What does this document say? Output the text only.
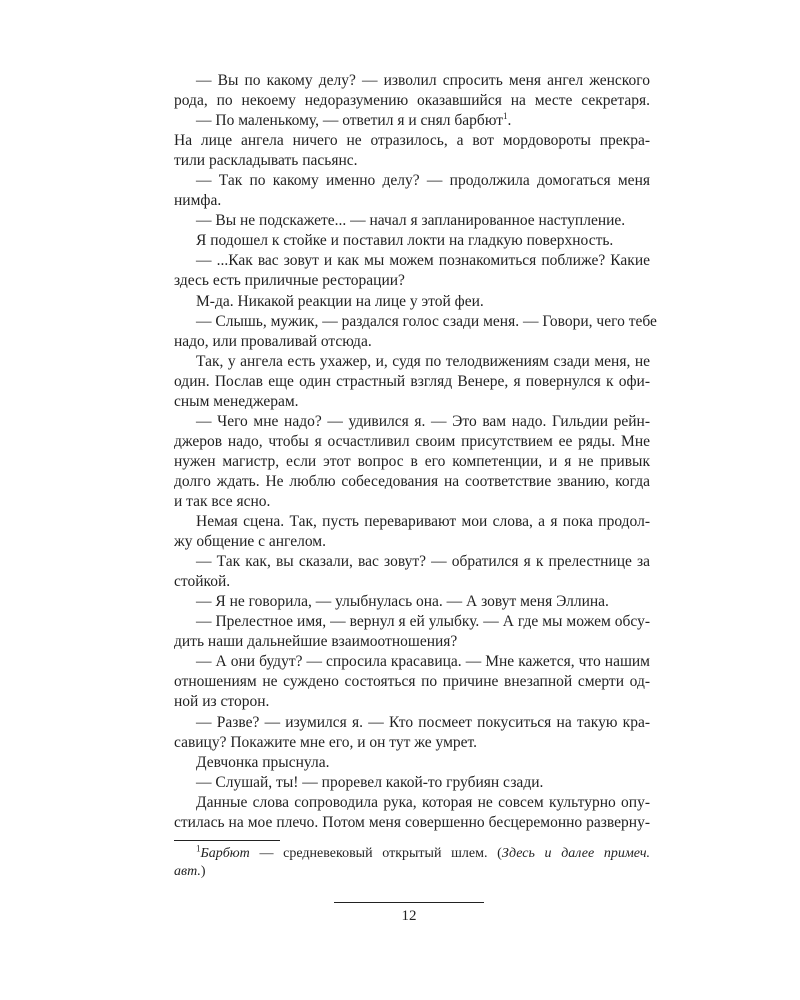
— Вы по какому делу? — изволил спросить меня ангел женского
рода, по некоему недоразумению оказавшийся на месте секретаря.
— По маленькому, — ответил я и снял барбют$^1$.
На лице ангела ничего не отразилось, а вот мордовороты прекра-
тили раскладывать пасьянс.
— Так по какому именно делу? — продолжила домогаться меня
нимфа.
— Вы не подскажете... — начал я запланированное наступление.
Я подошел к стойке и поставил локти на гладкую поверхность.
— ...Как вас зовут и как мы можем познакомиться поближе? Какие
здесь есть приличные ресторации?
М-да. Никакой реакции на лице у этой феи.
— Слышь, мужик, — раздался голос сзади меня. — Говори, чего тебе
надо, или проваливай отсюда.
Так, у ангела есть ухажер, и, судя по телодвижениям сзади меня, не
один. Послав еще один страстный взгляд Венере, я повернулся к офи-
сным менеджерам.
— Чего мне надо? — удивился я. — Это вам надо. Гильдии рейн-
джеров надо, чтобы я осчастливил своим присутствием ее ряды. Мне
нужен магистр, если этот вопрос в его компетенции, и я не привык
долго ждать. Не люблю собеседования на соответствие званию, когда
и так все ясно.
Немая сцена. Так, пусть переваривают мои слова, а я пока продол-
жу общение с ангелом.
— Так как, вы сказали, вас зовут? — обратился я к прелестнице за
стойкой.
— Я не говорила, — улыбнулась она. — А зовут меня Эллина.
— Прелестное имя, — вернул я ей улыбку. — А где мы можем обсу-
дить наши дальнейшие взаимоотношения?
— А они будут? — спросила красавица. — Мне кажется, что нашим
отношениям не суждено состояться по причине внезапной смерти од-
ной из сторон.
— Разве? — изумился я. — Кто посмеет покуситься на такую кра-
савицу? Покажите мне его, и он тут же умрет.
Девчонка прыснула.
— Слушай, ты! — проревел какой-то грубиян сзади.
Данные слова сопроводила рука, которая не совсем культурно опу-
стилась на мое плечо. Потом меня совершенно бесцеремонно разверну-
$^1$Барбют — средневековый открытый шлем. (Здесь и далее примеч.
авт.)
12
